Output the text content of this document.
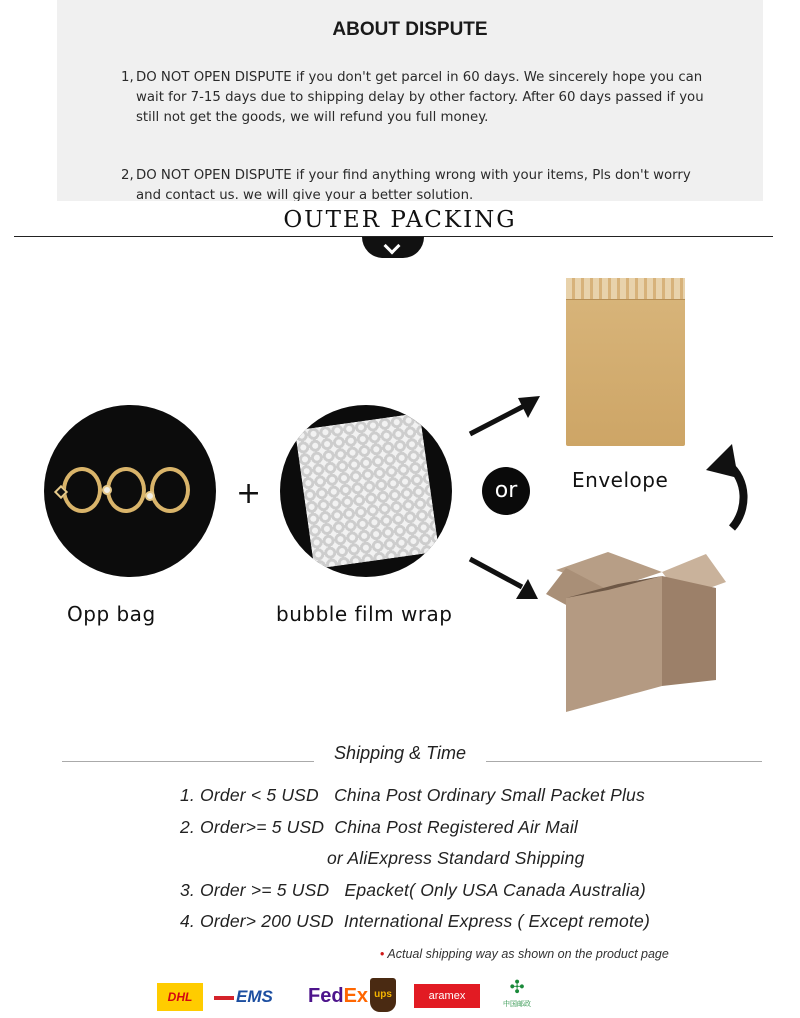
ABOUT DISPUTE
1, DO NOT OPEN DISPUTE if you don't get parcel in 60 days. We sincerely hope you can wait for 7-15 days due to shipping delay by other factory. After 60 days passed if you still not get the goods, we will refund you full money.
2, DO NOT OPEN DISPUTE if your find anything wrong with your items, Pls don't worry and contact us. we will give your a better solution.
OUTER PACKING
+
Opp bag	bubble film wrap
or	Envelope
Shipping & Time
1. Order < 5 USD China Post Ordinary Small Packet Plus
2. Order>= 5 USD China Post Registered Air Mail
or AliExpress Standard Shipping
3. Order >= 5 USD Epacket( Only USA Canada Australia)
4. Order> 200 USD International Express ( Except remote)
• Actual shipping way as shown on the product page
DHL	EMS	FedEx ups	aramex	✣
中国邮政
